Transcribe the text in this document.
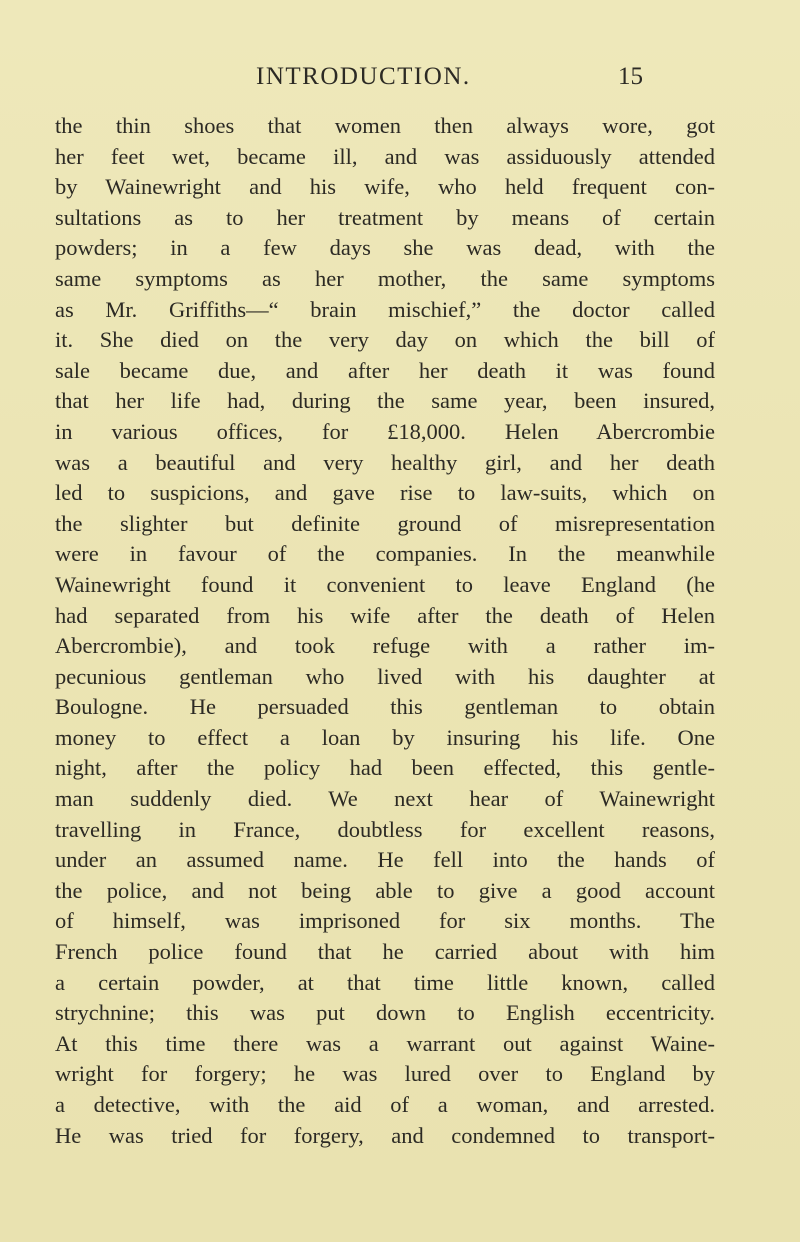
INTRODUCTION.	15
the thin shoes that women then always wore, got
her feet wet, became ill, and was assiduously attended
by Wainewright and his wife, who held frequent con-
sultations as to her treatment by means of certain
powders; in a few days she was dead, with the
same symptoms as her mother, the same symptoms
as Mr. Griffiths—“ brain mischief,” the doctor called
it. She died on the very day on which the bill of
sale became due, and after her death it was found
that her life had, during the same year, been insured,
in various offices, for £18,000. Helen Abercrombie
was a beautiful and very healthy girl, and her death
led to suspicions, and gave rise to law-suits, which on
the slighter but definite ground of misrepresentation
were in favour of the companies. In the meanwhile
Wainewright found it convenient to leave England (he
had separated from his wife after the death of Helen
Abercrombie), and took refuge with a rather im-
pecunious gentleman who lived with his daughter at
Boulogne. He persuaded this gentleman to obtain
money to effect a loan by insuring his life. One
night, after the policy had been effected, this gentle-
man suddenly died. We next hear of Wainewright
travelling in France, doubtless for excellent reasons,
under an assumed name. He fell into the hands of
the police, and not being able to give a good account
of himself, was imprisoned for six months. The
French police found that he carried about with him
a certain powder, at that time little known, called
strychnine; this was put down to English eccentricity.
At this time there was a warrant out against Waine-
wright for forgery; he was lured over to England by
a detective, with the aid of a woman, and arrested.
He was tried for forgery, and condemned to transport-
